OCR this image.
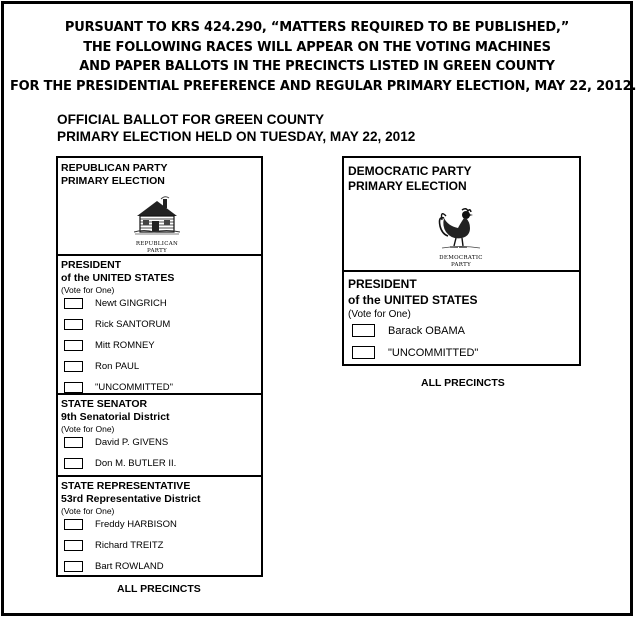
PURSUANT TO KRS 424.290, “MATTERS REQUIRED TO BE PUBLISHED,”
THE FOLLOWING RACES WILL APPEAR ON THE VOTING MACHINES
AND PAPER BALLOTS IN THE PRECINCTS LISTED IN GREEN COUNTY
FOR THE PRESIDENTIAL PREFERENCE AND REGULAR PRIMARY ELECTION, MAY 22, 2012.
OFFICIAL BALLOT FOR GREEN COUNTY
PRIMARY ELECTION HELD ON TUESDAY, MAY 22, 2012
REPUBLICAN PARTY
PRIMARY ELECTION
REPUBLICAN
PARTY
PRESIDENT
of the UNITED STATES
(Vote for One)
Newt GINGRICH
Rick SANTORUM
Mitt ROMNEY
Ron PAUL
"UNCOMMITTED"
STATE SENATOR
9th Senatorial District
(Vote for One)
David P. GIVENS
Don M. BUTLER II.
STATE REPRESENTATIVE
53rd Representative District
(Vote for One)
Freddy HARBISON
Richard TREITZ
Bart ROWLAND
ALL PRECINCTS
DEMOCRATIC PARTY
PRIMARY ELECTION
DEMOCRATIC
PARTY
PRESIDENT
of the UNITED STATES
(Vote for One)
Barack OBAMA
"UNCOMMITTED"
ALL PRECINCTS
